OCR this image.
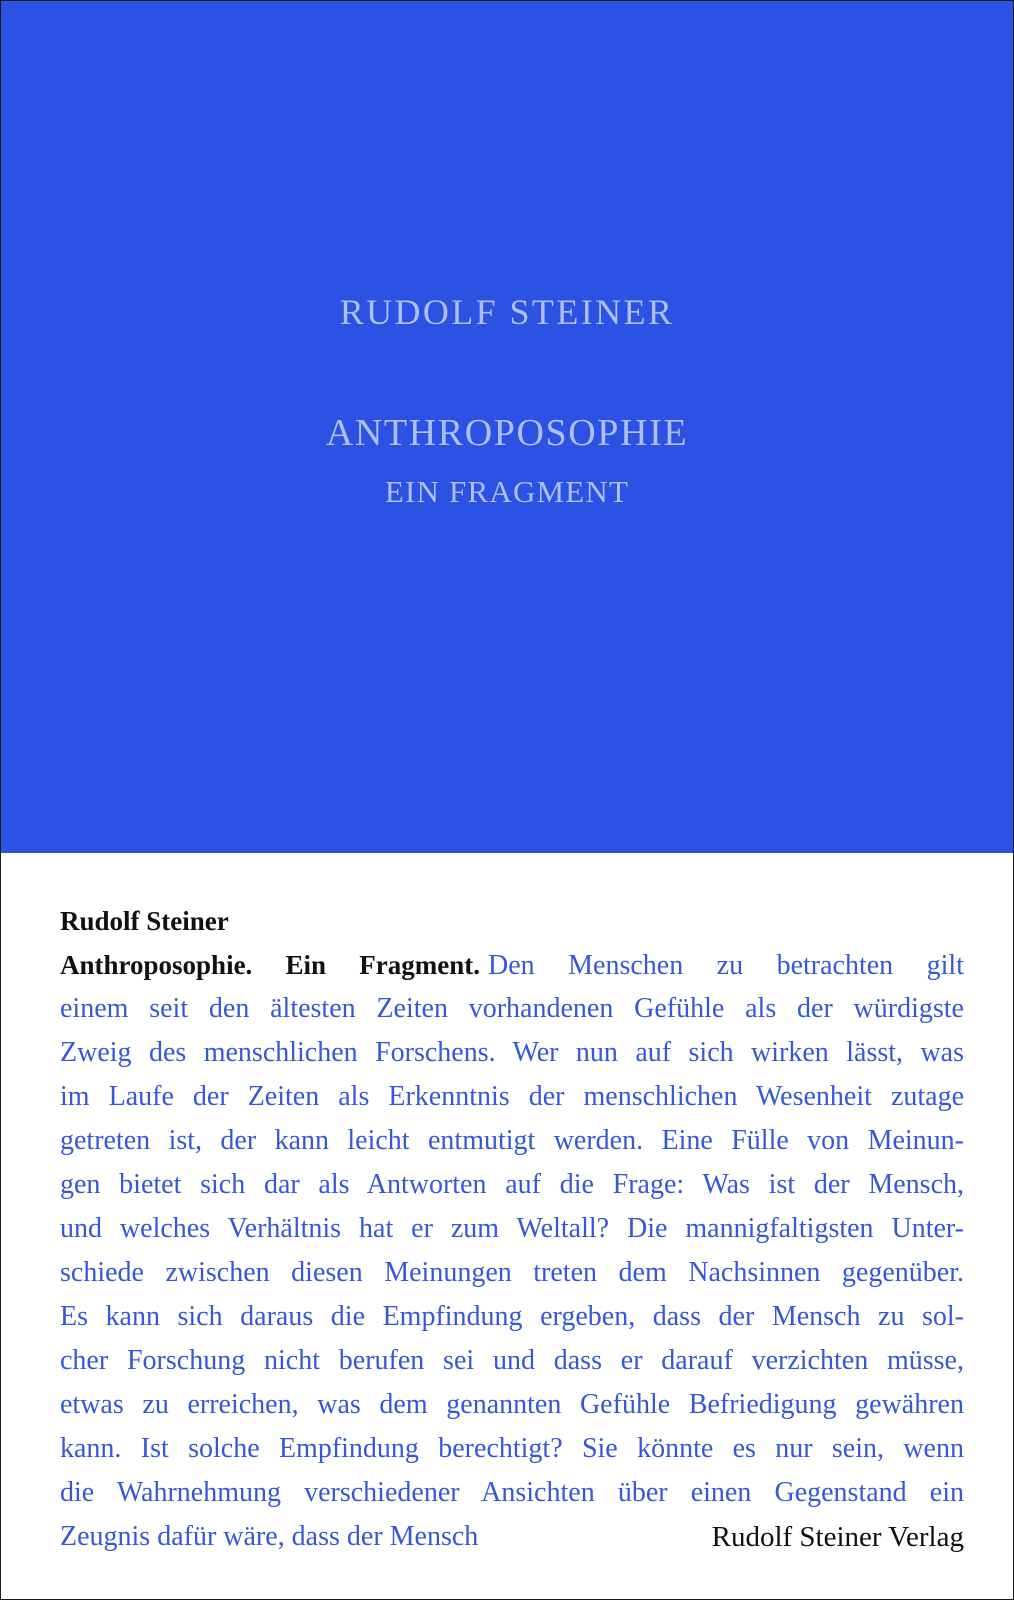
RUDOLF STEINER
ANTHROPOSOPHIE
EIN FRAGMENT
Rudolf Steiner
Anthroposophie. Ein Fragment. Den Menschen zu betrachten gilt
einem seit den ältesten Zeiten vorhandenen Gefühle als der würdigste
Zweig des menschlichen Forschens. Wer nun auf sich wirken lässt, was
im Laufe der Zeiten als Erkenntnis der menschlichen Wesenheit zutage
getreten ist, der kann leicht entmutigt werden. Eine Fülle von Meinun-
gen bietet sich dar als Antworten auf die Frage: Was ist der Mensch,
und welches Verhältnis hat er zum Weltall? Die mannigfaltigsten Unter-
schiede zwischen diesen Meinungen treten dem Nachsinnen gegenüber.
Es kann sich daraus die Empfindung ergeben, dass der Mensch zu sol-
cher Forschung nicht berufen sei und dass er darauf verzichten müsse,
etwas zu erreichen, was dem genannten Gefühle Befriedigung gewähren
kann. Ist solche Empfindung berechtigt? Sie könnte es nur sein, wenn
die Wahrnehmung verschiedener Ansichten über einen Gegenstand ein
Zeugnis dafür wäre, dass der Mensch	Rudolf Steiner Verlag
